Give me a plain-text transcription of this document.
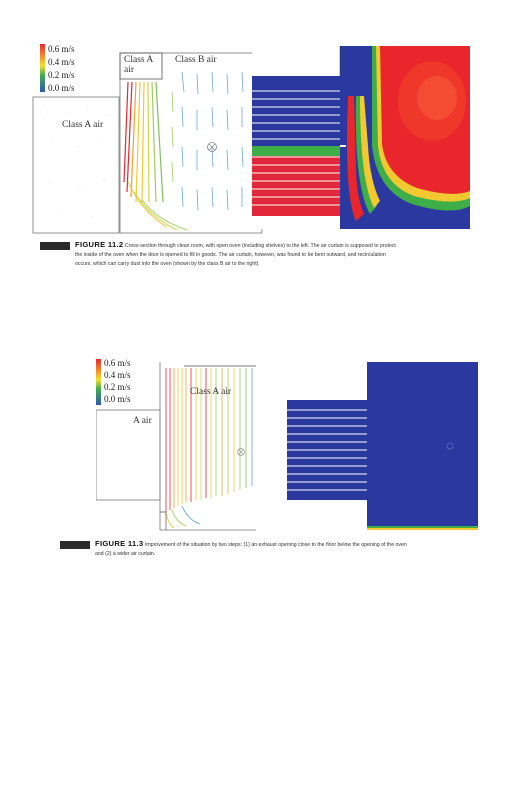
0.6 m/s
0.4 m/s
0.2 m/s
0.0 m/s
Class A air
Class A
air
Class B air
FIGURE 11.2 Cross-section through clean room, with open oven (including shelves) to the left. The air curtain is supposed to protect
the inside of the oven when the door is opened to fill in goods. The air curtain, however, was found to be bent outward, and recirculation
occurs, which can carry dust into the oven (shown by the class B air to the right).
0.6 m/s
0.4 m/s
0.2 m/s
0.0 m/s
A air
Class A air
FIGURE 11.3 Improvement of the situation by two steps: (1) an exhaust opening close to the floor below the opening of the oven
and (2) a wider air curtain.
